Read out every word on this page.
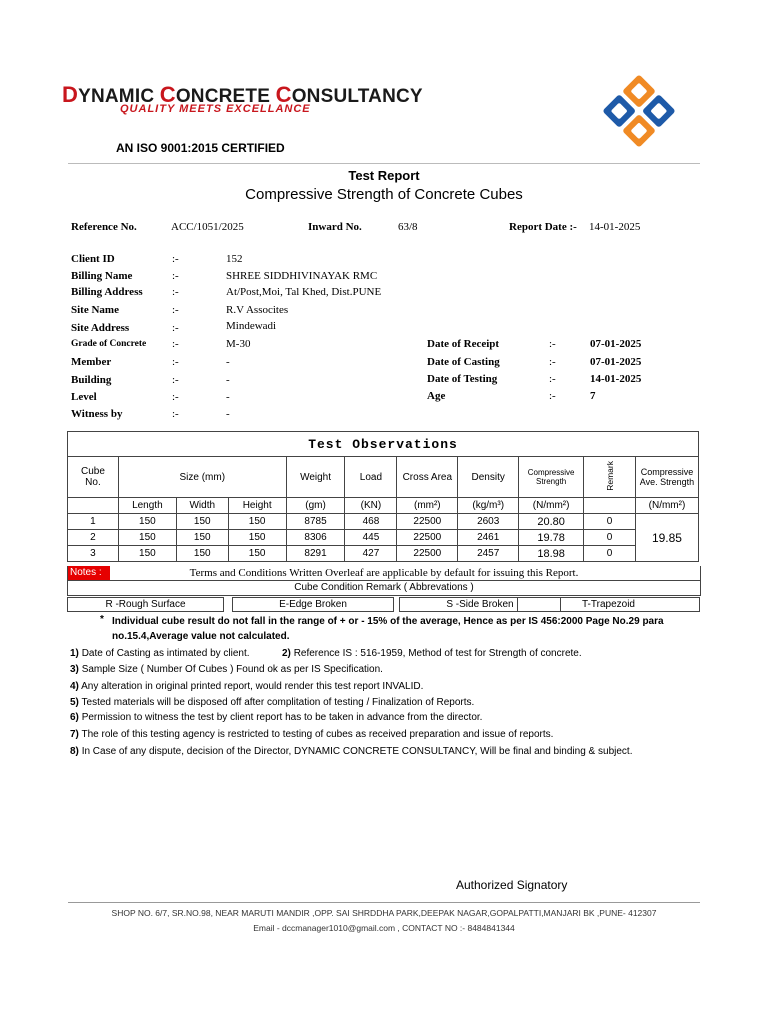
DYNAMIC CONCRETE CONSULTANCY
QUALITY MEETS EXCELLANCE
AN ISO 9001:2015 CERTIFIED
Test Report
Compressive Strength of Concrete Cubes
Reference No.	ACC/1051/2025	Inward No.	63/8	Report Date :- 14-01-2025
Client ID	:-	152
Billing Name	:-	SHREE SIDDHIVINAYAK RMC
Billing Address	:-	At/Post,Moi, Tal Khed, Dist.PUNE
Site Name	:-	R.V Assocites
Site Address	:-	Mindewadi
Grade of Concrete :-	M-30
Member	:-	-
Building	:-	-
Level	:-	-
Witness by	:-	-
Date of Receipt	:-	07-01-2025
Date of Casting	:-	07-01-2025
Date of Testing	:-	14-01-2025
Age	:-	7
Test Observations										
Cube No.	Size (mm)			Weight	Load	Cross Area	Density	Compressive Strength	Remark	Compressive Ave. Strength

	Length	Width	Height	(gm)	(KN)	(mm²)	(kg/m³)	(N/mm²)		(N/mm²)
1	150	150	150	8785	468	22500	2603	20.80	0	19.85
2	150	150	150	8306	445	22500	2461	19.78	0	
3	150	150	150	8291	427	22500	2457	18.98	0	
Terms and Conditions Written Overleaf are applicable by default for issuing this Report.
Notes :
Cube Condition Remark ( Abbrevations )
R -Rough Surface	E-Edge Broken	S -Side Broken	T-Trapezoid
* Individual cube result do not fall in the range of + or - 15% of the average, Hence as per IS 456:2000 Page No.29 para no.15.4,Average value not calculated.
1) Date of Casting as intimated by client.	2) Reference IS : 516-1959, Method of test for Strength of concrete.
3) Sample Size ( Number Of Cubes ) Found ok as per IS Specification.
4) Any alteration in original printed report, would render this test report INVALID.
5) Tested materials will be disposed off after complitation of testing / Finalization of Reports.
6) Permission to witness the test by client report has to be taken in advance from the director.
7) The role of this testing agency is restricted to testing of cubes as received preparation and issue of reports.
8) In Case of any dispute, decision of the Director, DYNAMIC CONCRETE CONSULTANCY, Will be final and binding & subject.
Authorized Signatory
SHOP NO. 6/7, SR.NO.98, NEAR MARUTI MANDIR ,OPP. SAI SHRDDHA PARK,DEEPAK NAGAR,GOPALPATTI,MANJARI BK ,PUNE- 412307
Email - dccmanager1010@gmail.com , CONTACT NO :- 8484841344
